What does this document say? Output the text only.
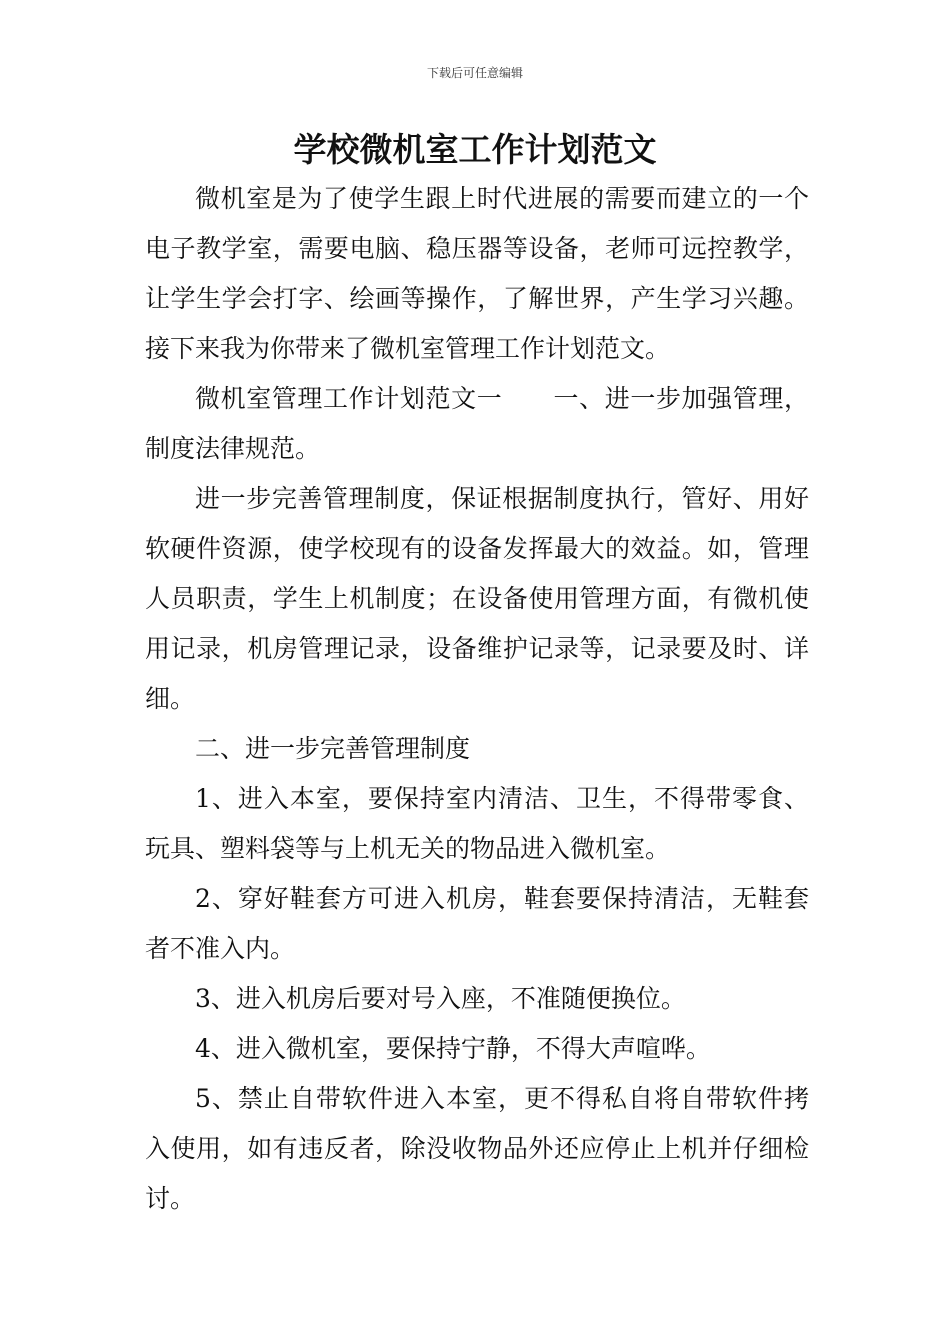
下载后可任意编辑
学校微机室工作计划范文

微机室是为了使学生跟上时代进展的需要而建立的一个电子教学室，需要电脑、稳压器等设备，老师可远控教学，让学生学会打字、绘画等操作，了解世界，产生学习兴趣。接下来我为你带来了微机室管理工作计划范文。

微机室管理工作计划范文一　　一、进一步加强管理，制度法律规范。

进一步完善管理制度，保证根据制度执行，管好、用好软硬件资源，使学校现有的设备发挥最大的效益。如，管理人员职责，学生上机制度；在设备使用管理方面，有微机使用记录，机房管理记录，设备维护记录等，记录要及时、详细。

二、进一步完善管理制度

1、进入本室，要保持室内清洁、卫生，不得带零食、玩具、塑料袋等与上机无关的物品进入微机室。

2、穿好鞋套方可进入机房，鞋套要保持清洁，无鞋套者不准入内。

3、进入机房后要对号入座，不准随便换位。

4、进入微机室，要保持宁静，不得大声喧哗。

5、禁止自带软件进入本室，更不得私自将自带软件拷入使用，如有违反者，除没收物品外还应停止上机并仔细检讨。
